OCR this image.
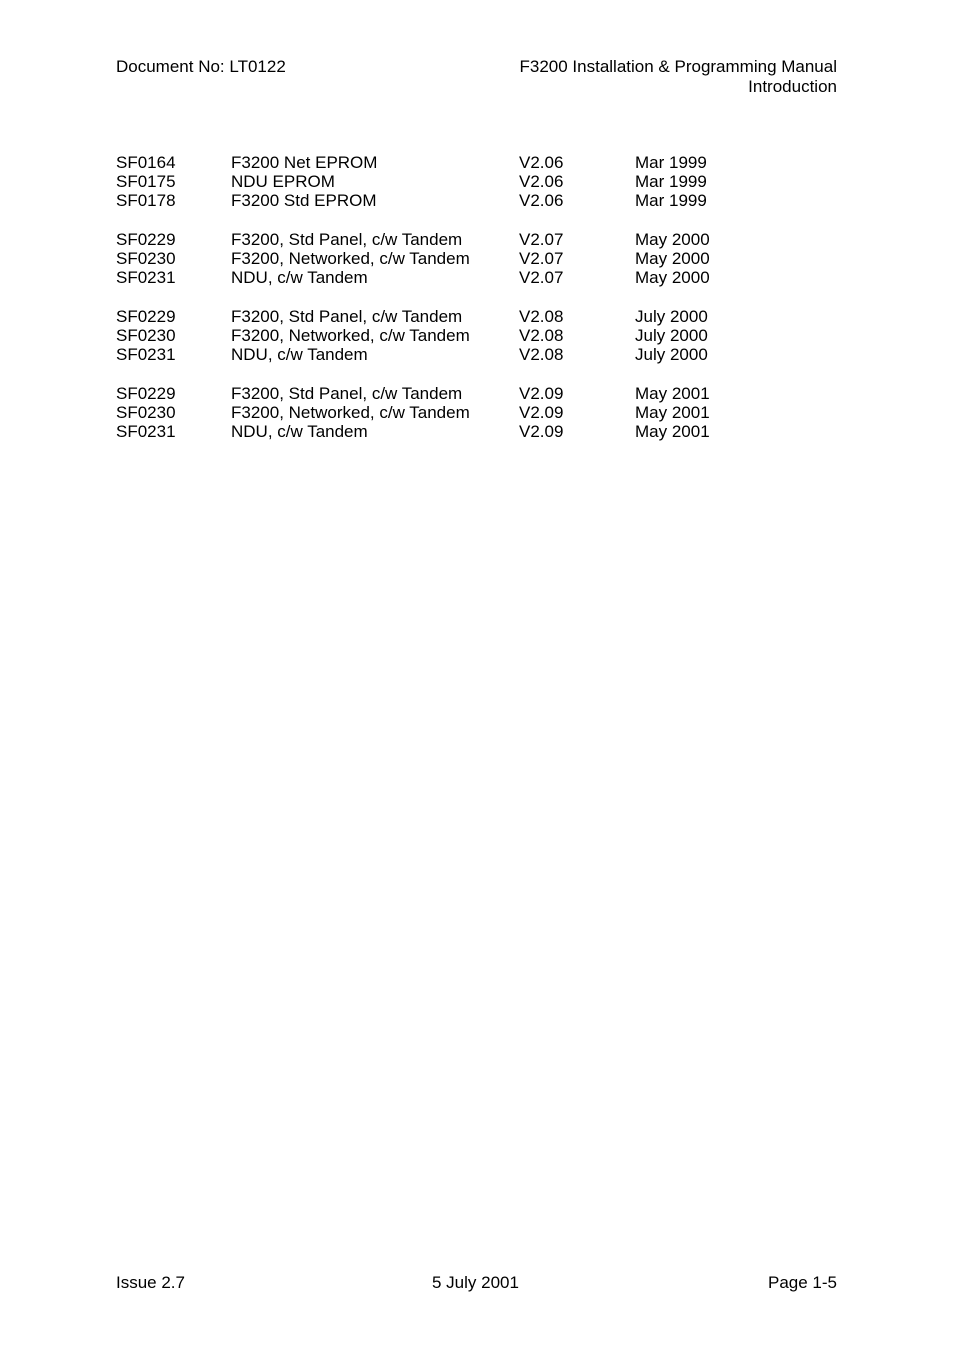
Document No: LT0122	F3200 Installation & Programming Manual
Introduction
SF0164	F3200 Net EPROM	V2.06	Mar 1999
SF0175	NDU EPROM	V2.06	Mar 1999
SF0178	F3200 Std EPROM	V2.06	Mar 1999
SF0229	F3200, Std Panel, c/w Tandem	V2.07	May 2000
SF0230	F3200, Networked, c/w Tandem	V2.07	May 2000
SF0231	NDU, c/w Tandem	V2.07	May 2000
SF0229	F3200, Std Panel, c/w Tandem	V2.08	July 2000
SF0230	F3200, Networked, c/w Tandem	V2.08	July 2000
SF0231	NDU, c/w Tandem	V2.08	July 2000
SF0229	F3200, Std Panel, c/w Tandem	V2.09	May 2001
SF0230	F3200, Networked, c/w Tandem	V2.09	May 2001
SF0231	NDU, c/w Tandem	V2.09	May 2001
Issue 2.7	5 July 2001	Page 1-5
